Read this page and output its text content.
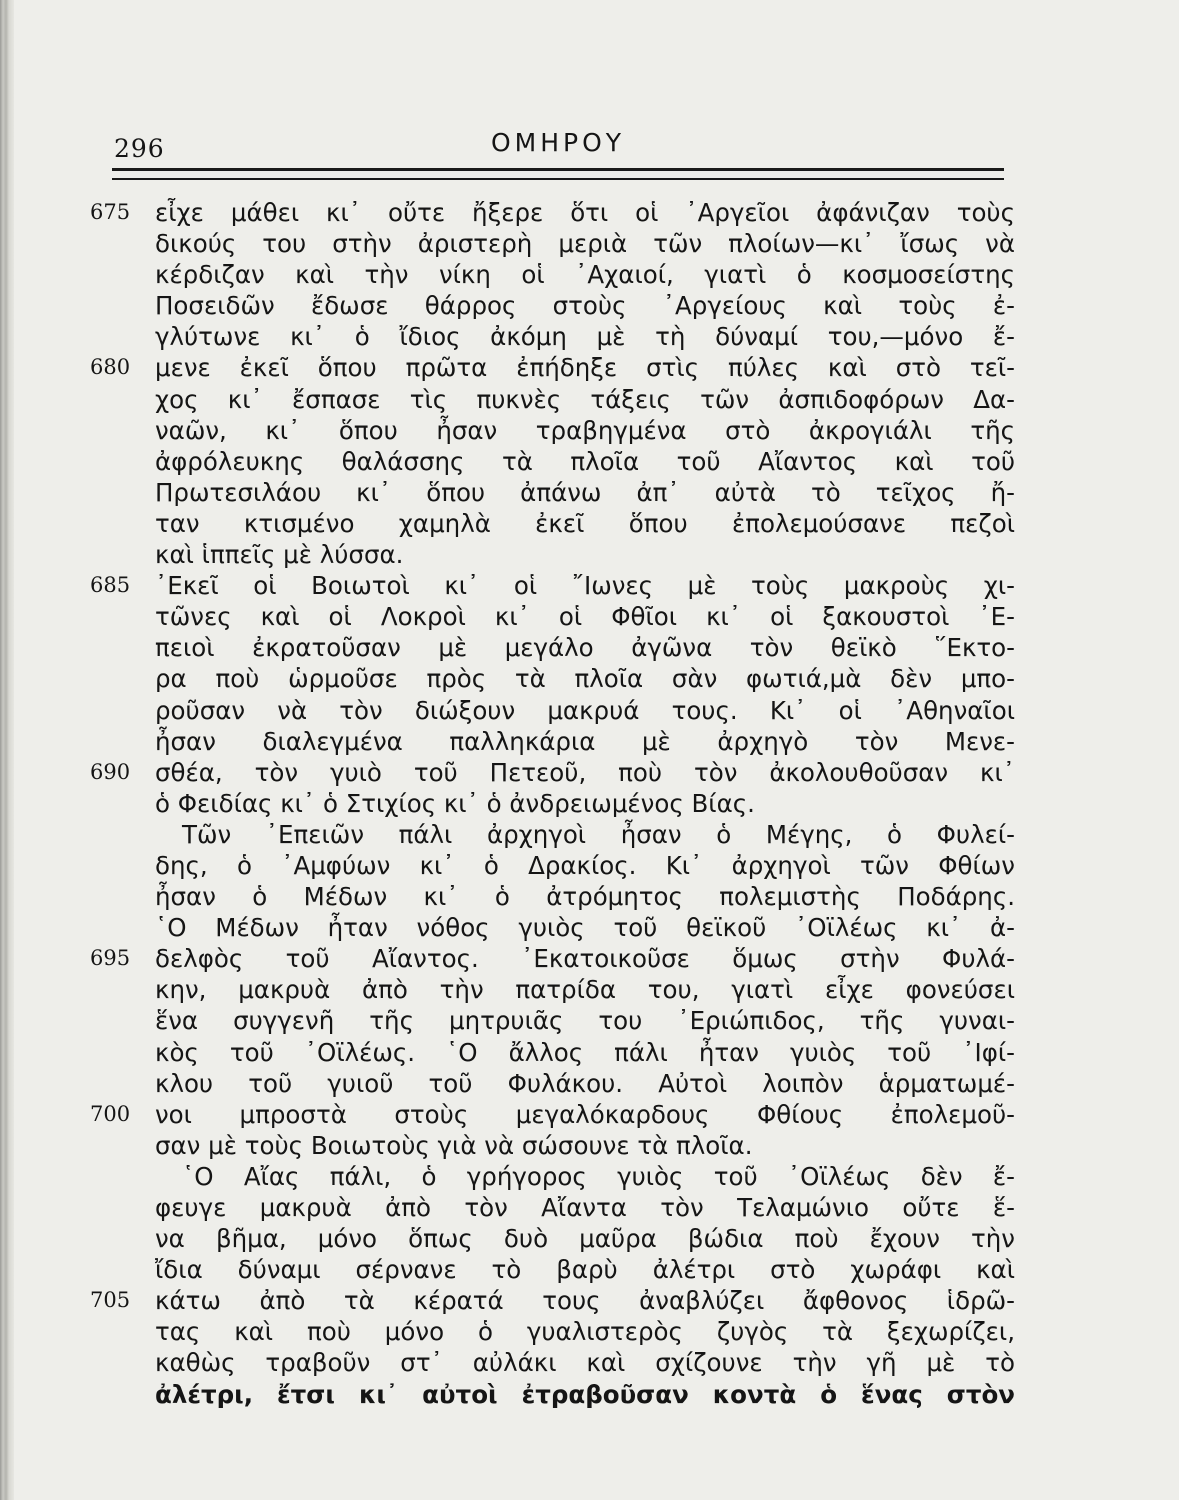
296	ΟΜΗΡΟΥ
675	εἶχε μάθει κι᾽ οὔτε ἤξερε ὅτι οἱ ᾽Αργεῖοι ἀφάνιζαν τοὺς
δικούς του στὴν ἀριστερὴ μεριὰ τῶν πλοίων—κι᾽ ἴσως νὰ
κέρδιζαν καὶ τὴν νίκη οἱ ᾽Αχαιοί, γιατὶ ὁ κοσμοσείστης
Ποσειδῶν ἔδωσε θάρρος στοὺς ᾽Αργείους καὶ τοὺς ἐ-
γλύτωνε κι᾽ ὁ ἴδιος ἀκόμη μὲ τὴ δύναμί του,—μόνο ἔ-
680	μενε ἐκεῖ ὅπου πρῶτα ἐπήδηξε στὶς πύλες καὶ στὸ τεῖ-
χος κι᾽ ἔσπασε τὶς πυκνὲς τάξεις τῶν ἀσπιδοφόρων Δα-
ναῶν, κι᾽ ὅπου ἦσαν τραβηγμένα στὸ ἀκρογιάλι τῆς
ἀφρόλευκης θαλάσσης τὰ πλοῖα τοῦ Αἴαντος καὶ τοῦ
Πρωτεσιλάου κι᾽ ὅπου ἀπάνω ἀπ᾽ αὐτὰ τὸ τεῖχος ἤ-
ταν κτισμένο χαμηλὰ ἐκεῖ ὅπου ἐπολεμούσανε πεζοὶ
καὶ ἱππεῖς μὲ λύσσα.
685	᾽Εκεῖ οἱ Βοιωτοὶ κι᾽ οἱ ῎Ιωνες μὲ τοὺς μακροὺς χι-
τῶνες καὶ οἱ Λοκροὶ κι᾽ οἱ Φθῖοι κι᾽ οἱ ξακουστοὶ ᾽Ε-
πειοὶ ἐκρατοῦσαν μὲ μεγάλο ἀγῶνα τὸν θεϊκὸ ῞Εκτο-
ρα ποὺ ὡρμοῦσε πρὸς τὰ πλοῖα σὰν φωτιά,μὰ δὲν μπο-
ροῦσαν νὰ τὸν διώξουν μακρυά τους. Κι᾽ οἱ ᾽Αθηναῖοι
ἦσαν διαλεγμένα παλληκάρια μὲ ἀρχηγὸ τὸν Μενε-
690	σθέα, τὸν γυιὸ τοῦ Πετεοῦ, ποὺ τὸν ἀκολουθοῦσαν κι᾽
ὁ Φειδίας κι᾽ ὁ Στιχίος κι᾽ ὁ ἀνδρειωμένος Βίας.
Τῶν ᾽Επειῶν πάλι ἀρχηγοὶ ἦσαν ὁ Μέγης, ὁ Φυλεί-
δης, ὁ ᾽Αμφύων κι᾽ ὁ Δρακίος. Κι᾽ ἀρχηγοὶ τῶν Φθίων
ἦσαν ὁ Μέδων κι᾽ ὁ ἀτρόμητος πολεμιστὴς Ποδάρης.
῾Ο Μέδων ἦταν νόθος γυιὸς τοῦ θεϊκοῦ ᾽Οϊλέως κι᾽ ἀ-
695	δελφὸς τοῦ Αἴαντος. ᾽Εκατοικοῦσε ὅμως στὴν Φυλά-
κην, μακρυὰ ἀπὸ τὴν πατρίδα του, γιατὶ εἶχε φονεύσει
ἕνα συγγενῆ τῆς μητρυιᾶς του ᾽Εριώπιδος, τῆς γυναι-
κὸς τοῦ ᾽Οϊλέως. ῾Ο ἄλλος πάλι ἦταν γυιὸς τοῦ ᾽Ιφί-
κλου τοῦ γυιοῦ τοῦ Φυλάκου. Αὐτοὶ λοιπὸν ἁρματωμέ-
700	νοι μπροστὰ στοὺς μεγαλόκαρδους Φθίους ἐπολεμοῦ-
σαν μὲ τοὺς Βοιωτοὺς γιὰ νὰ σώσουνε τὰ πλοῖα.
῾Ο Αἴας πάλι, ὁ γρήγορος γυιὸς τοῦ ᾽Οϊλέως δὲν ἔ-
φευγε μακρυὰ ἀπὸ τὸν Αἴαντα τὸν Τελαμώνιο οὔτε ἕ-
να βῆμα, μόνο ὅπως δυὸ μαῦρα βώδια ποὺ ἔχουν τὴν
ἴδια δύναμι σέρνανε τὸ βαρὺ ἀλέτρι στὸ χωράφι καὶ
705	κάτω ἀπὸ τὰ κέρατά τους ἀναβλύζει ἄφθονος ἱδρῶ-
τας καὶ ποὺ μόνο ὁ γυαλιστερὸς ζυγὸς τὰ ξεχωρίζει,
καθὼς τραβοῦν στ᾽ αὐλάκι καὶ σχίζουνε τὴν γῆ μὲ τὸ
ἀλέτρι, ἔτσι κι᾽ αὐτοὶ ἐτραβοῦσαν κοντὰ ὁ ἕνας στὸν
